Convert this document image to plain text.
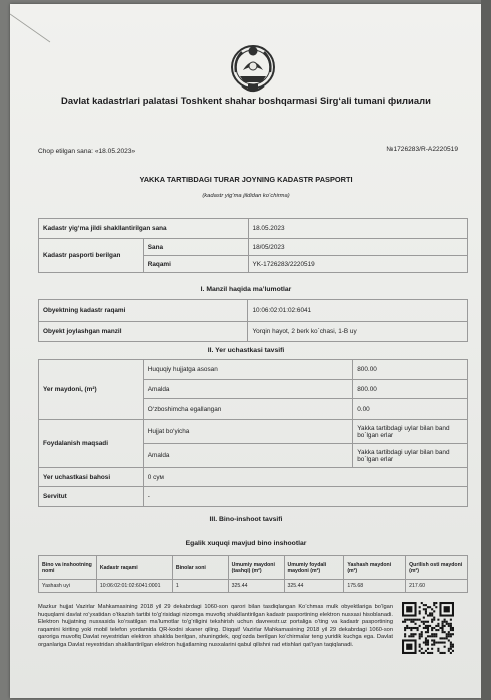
Davlat kadastrlari palatasi Toshkent shahar boshqarmasi Sirg‘ali tumani филиали
Chop etilgan sana: «18.05.2023»	№1726283/R-A2220519
YAKKA TARTIBDAGI TURAR JOYNING KADASTR PASPORTI
(kadastr yig‘ma jildidan ko‘chirma)
Kadastr yig‘ma jildi shakllantirilgan sana		18.05.2023
Kadastr pasporti berilgan	Sana	18/05/2023
	Raqami	YK-1726283/2220519
I. Manzil haqida ma’lumotlar
Obyektning kadastr raqami	10:06:02:01:02:6041
Obyekt joylashgan manzil	Yorqin hayot, 2 berk ko`chasi, 1-B uy
II. Yer uchastkasi tavsifi
Yer maydoni, (m²)	Huquqiy hujjatga asosan	800.00
	Amalda	800.00
	O‘zboshimcha egallangan	0.00
Foydalanish maqsadi	Hujjat bo‘yicha	Yakka tartibdagi uylar bilan band bo`lgan erlar
	Amalda	Yakka tartibdagi uylar bilan band bo`lgan erlar
Yer uchastkasi bahosi	0 сум	
Servitut	-	
III. Bino-inshoot tavsifi
Egalik xuquqi mavjud bino inshootlar
Bino va inshootning nomi	Kadastr raqami	Binolar soni	Umumiy maydoni (tashqi) (m²)	Umumiy foydali maydoni (m²)	Yashash maydoni (m²)	Qurilish osti maydoni (m²)
Yashash uyi	10:06:02:01:02:6041:0001	1	325.44	325.44	175.68	217.60
Mazkur hujjat Vazirlar Mahkamasining 2018 yil 29 dekabrdagi 1060-son qarori bilan tasdiqlangan Ko‘chmas mulk obyektlariga bo‘lgan huquqlarni davlat ro‘yxatidan o‘tkazish tartibi to‘g‘risidagi nizomga muvofiq shakllantirilgan kadastr pasportining elektron nusxasi hisoblanadi. Elektron hujjatning nusxasida ko‘rsatilgan ma’lumotlar to‘g‘riligini tekshirish uchun davreestr.uz portaliga o‘ting va kadastr pasportining raqamini kiriting yoki mobil telefon yordamida QR-kodni skaner qiling. Diqqat! Vazirlar Mahkamasining 2018 yil 29 dekabrdagi 1060-son qaroriga muvofiq Davlat reyestridan elektron shaklda berilgan, shuningdek, qog‘ozda berilgan ko‘chirmalar teng yuridik kuchga ega. Davlat organlariga Davlat reyestridan shakllantirilgan elektron hujjatlarning nusxalarini qabul qilishni rad etishlari qat’iyan taqiqlanadi.
